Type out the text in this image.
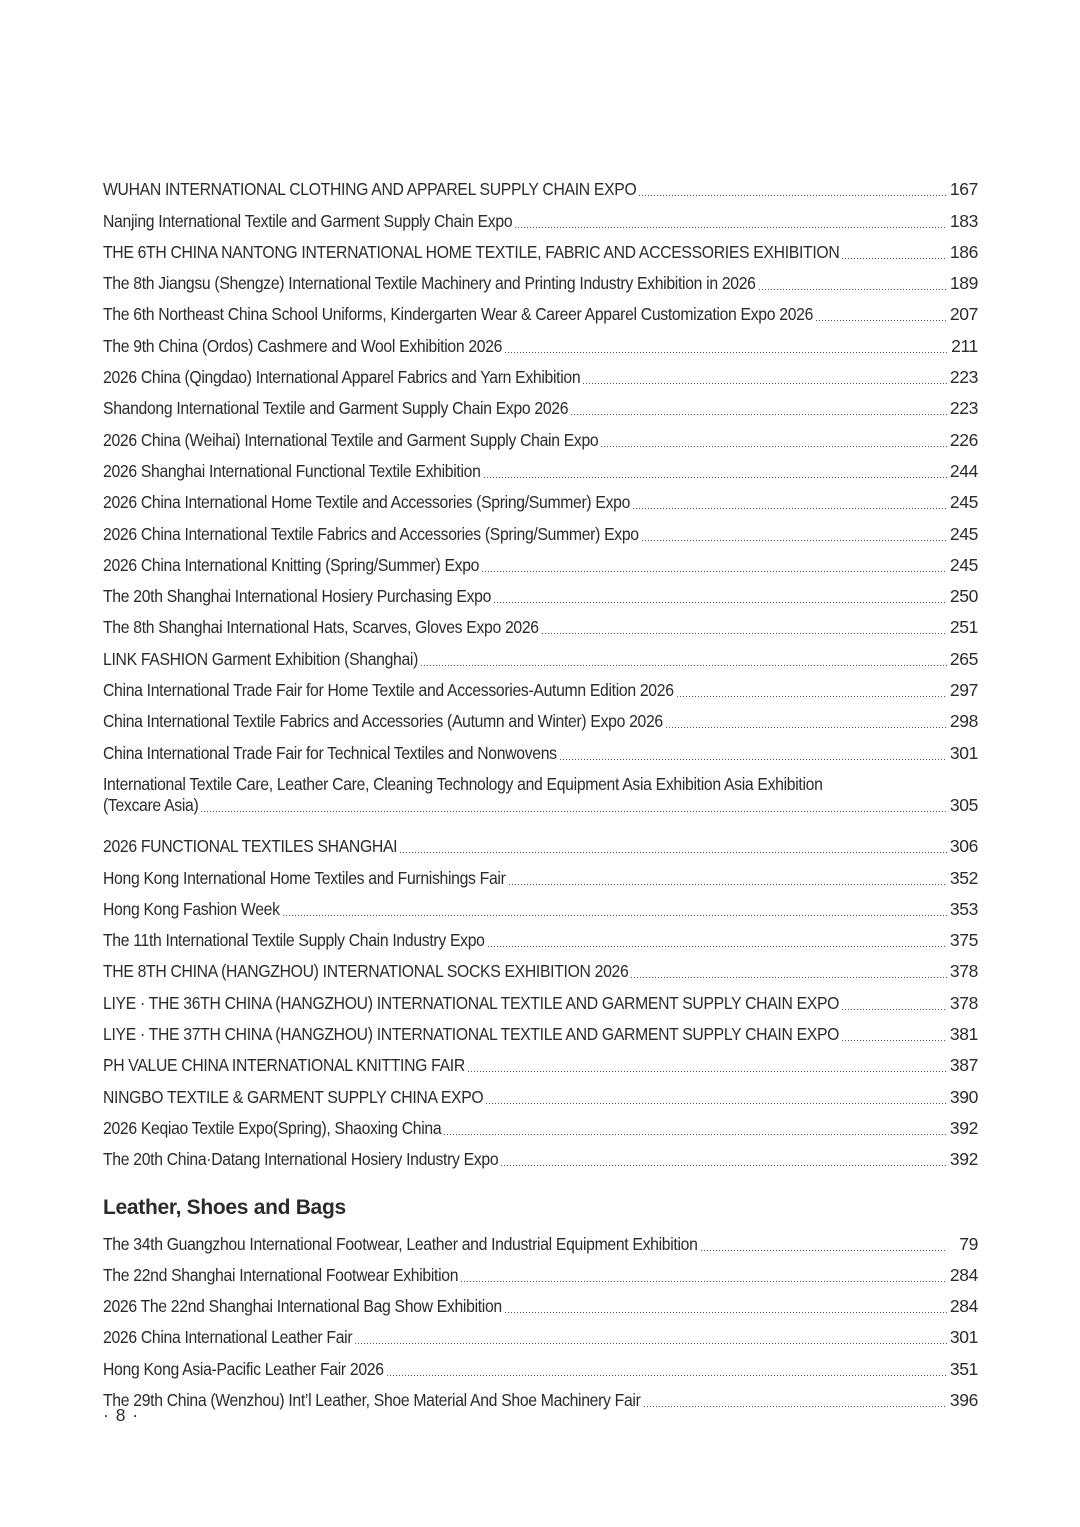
WUHAN INTERNATIONAL CLOTHING AND APPAREL SUPPLY CHAIN EXPO	167
Nanjing International Textile and Garment Supply Chain Expo	183
THE 6TH CHINA NANTONG INTERNATIONAL HOME TEXTILE, FABRIC AND ACCESSORIES EXHIBITION	186
The 8th Jiangsu (Shengze) International Textile Machinery and Printing Industry Exhibition in 2026	189
The 6th Northeast China School Uniforms, Kindergarten Wear & Career Apparel Customization Expo 2026	207
The 9th China (Ordos) Cashmere and Wool Exhibition 2026	211
2026 China (Qingdao) International Apparel Fabrics and Yarn Exhibition	223
Shandong International Textile and Garment Supply Chain Expo 2026	223
2026 China (Weihai) International Textile and Garment Supply Chain Expo	226
2026 Shanghai International Functional Textile Exhibition	244
2026 China International Home Textile and Accessories (Spring/Summer) Expo	245
2026 China International Textile Fabrics and Accessories (Spring/Summer) Expo	245
2026 China International Knitting (Spring/Summer) Expo	245
The 20th Shanghai International Hosiery Purchasing Expo	250
The 8th Shanghai International Hats, Scarves, Gloves Expo 2026	251
LINK FASHION Garment Exhibition (Shanghai)	265
China International Trade Fair for Home Textile and Accessories-Autumn Edition 2026	297
China International Textile Fabrics and Accessories (Autumn and Winter) Expo 2026	298
China International Trade Fair for Technical Textiles and Nonwovens	301
International Textile Care, Leather Care, Cleaning Technology and Equipment Asia Exhibition Asia Exhibition
(Texcare Asia)	305
2026 FUNCTIONAL TEXTILES SHANGHAI	306
Hong Kong International Home Textiles and Furnishings Fair	352
Hong Kong Fashion Week	353
The 11th International Textile Supply Chain Industry Expo	375
THE 8TH CHINA (HANGZHOU) INTERNATIONAL SOCKS EXHIBITION 2026	378
LIYE · THE 36TH CHINA (HANGZHOU) INTERNATIONAL TEXTILE AND GARMENT SUPPLY CHAIN EXPO	378
LIYE · THE 37TH CHINA (HANGZHOU) INTERNATIONAL TEXTILE AND GARMENT SUPPLY CHAIN EXPO	381
PH VALUE CHINA INTERNATIONAL KNITTING FAIR	387
NINGBO TEXTILE & GARMENT SUPPLY CHINA EXPO	390
2026 Keqiao Textile Expo(Spring), Shaoxing China	392
The 20th China·Datang International Hosiery Industry Expo	392
Leather, Shoes and Bags
The 34th Guangzhou International Footwear, Leather and Industrial Equipment Exhibition	79
The 22nd Shanghai International Footwear Exhibition	284
2026 The 22nd Shanghai International Bag Show Exhibition	284
2026 China International Leather Fair	301
Hong Kong Asia-Pacific Leather Fair 2026	351
The 29th China (Wenzhou) Int’l Leather, Shoe Material And Shoe Machinery Fair	396
· 8 ·
